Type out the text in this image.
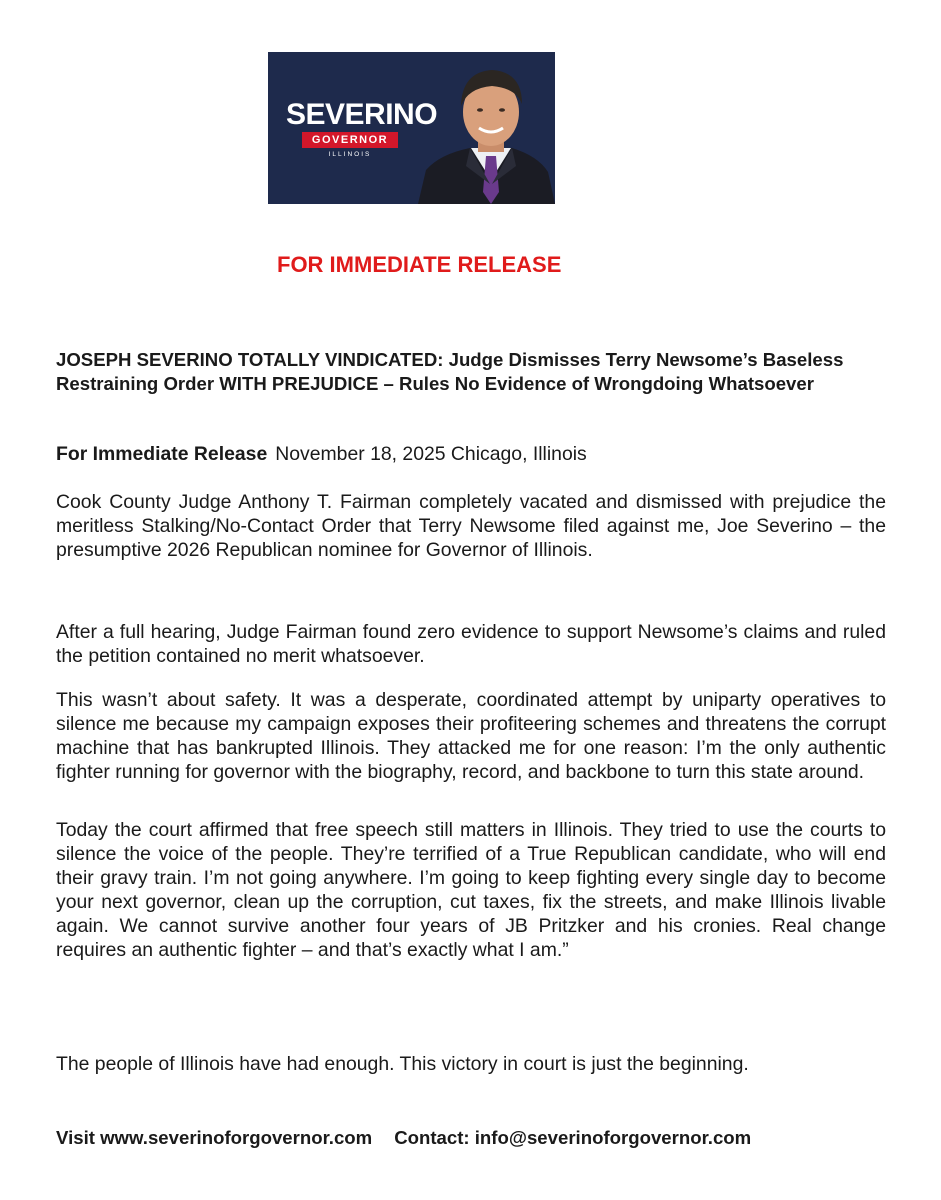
SEVERINO
GOVERNOR
ILLINOIS
FOR IMMEDIATE RELEASE
JOSEPH SEVERINO TOTALLY VINDICATED: Judge Dismisses Terry Newsome’s Baseless Restraining Order WITH PREJUDICE – Rules No Evidence of Wrongdoing Whatsoever
For Immediate Release November 18, 2025 Chicago, Illinois
Cook County Judge Anthony T. Fairman completely vacated and dismissed with prejudice the meritless Stalking/No-Contact Order that Terry Newsome filed against me, Joe Severino – the presumptive 2026 Republican nominee for Governor of Illinois.
After a full hearing, Judge Fairman found zero evidence to support Newsome’s claims and ruled the petition contained no merit whatsoever.
This wasn’t about safety. It was a desperate, coordinated attempt by uniparty operatives to silence me because my campaign exposes their profiteering schemes and threatens the corrupt machine that has bankrupted Illinois. They attacked me for one reason: I’m the only authentic fighter running for governor with the biography, record, and backbone to turn this state around.
Today the court affirmed that free speech still matters in Illinois. They tried to use the courts to silence the voice of the people. They’re terrified of a True Republican candidate, who will end their gravy train. I’m not going anywhere. I’m going to keep fighting every single day to become your next governor, clean up the corruption, cut taxes, fix the streets, and make Illinois livable again. We cannot survive another four years of JB Pritzker and his cronies. Real change requires an authentic fighter – and that’s exactly what I am.”
The people of Illinois have had enough. This victory in court is just the beginning.
Visit www.severinoforgovernor.com Contact: info@severinoforgovernor.com
